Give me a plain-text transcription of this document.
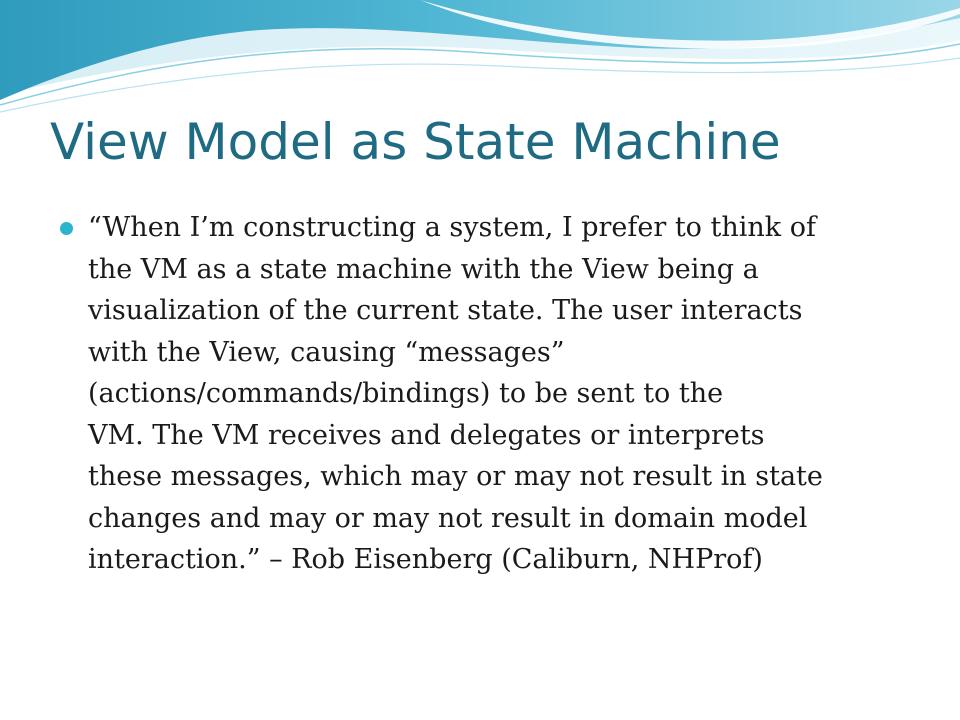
View Model as State Machine
“When I’m constructing a system, I prefer to think of
the VM as a state machine with the View being a
visualization of the current state. The user interacts
with the View, causing “messages”
(actions/commands/bindings) to be sent to the
VM. The VM receives and delegates or interprets
these messages, which may or may not result in state
changes and may or may not result in domain model
interaction.” – Rob Eisenberg (Caliburn, NHProf)
